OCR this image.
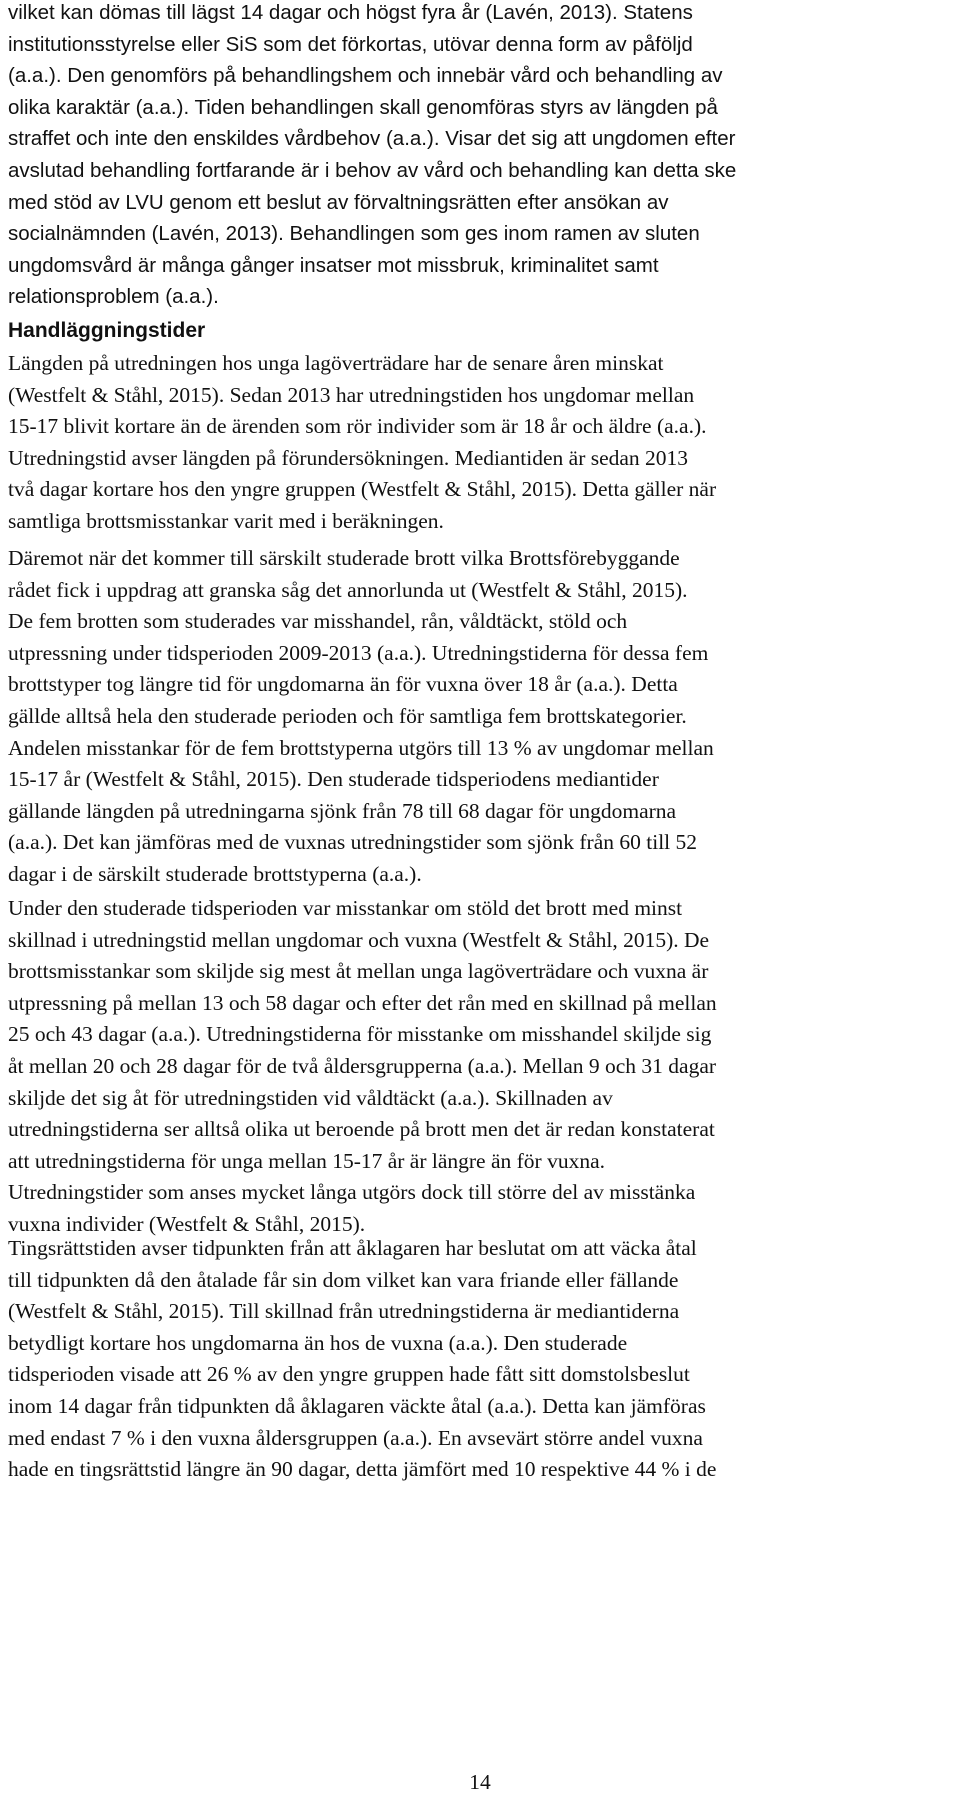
vilket kan dömas till lägst 14 dagar och högst fyra år (Lavén, 2013). Statens
institutionsstyrelse eller SiS som det förkortas, utövar denna form av påföljd
(a.a.). Den genomförs på behandlingshem och innebär vård och behandling av
olika karaktär (a.a.). Tiden behandlingen skall genomföras styrs av längden på
straffet och inte den enskildes vårdbehov (a.a.). Visar det sig att ungdomen efter
avslutad behandling fortfarande är i behov av vård och behandling kan detta ske
med stöd av LVU genom ett beslut av förvaltningsrätten efter ansökan av
socialnämnden (Lavén, 2013). Behandlingen som ges inom ramen av sluten
ungdomsvård är många gånger insatser mot missbruk, kriminalitet samt
relationsproblem (a.a.).
Handläggningstider
Längden på utredningen hos unga lagöverträdare har de senare åren minskat
(Westfelt & Ståhl, 2015). Sedan 2013 har utredningstiden hos ungdomar mellan
15-17 blivit kortare än de ärenden som rör individer som är 18 år och äldre (a.a.).
Utredningstid avser längden på förundersökningen. Mediantiden är sedan 2013
två dagar kortare hos den yngre gruppen (Westfelt & Ståhl, 2015). Detta gäller när
samtliga brottsmisstankar varit med i beräkningen.
Däremot när det kommer till särskilt studerade brott vilka Brottsförebyggande
rådet fick i uppdrag att granska såg det annorlunda ut (Westfelt & Ståhl, 2015).
De fem brotten som studerades var misshandel, rån, våldtäckt, stöld och
utpressning under tidsperioden 2009-2013 (a.a.). Utredningstiderna för dessa fem
brottstyper tog längre tid för ungdomarna än för vuxna över 18 år (a.a.). Detta
gällde alltså hela den studerade perioden och för samtliga fem brottskategorier.
Andelen misstankar för de fem brottstyperna utgörs till 13 % av ungdomar mellan
15-17 år (Westfelt & Ståhl, 2015). Den studerade tidsperiodens mediantider
gällande längden på utredningarna sjönk från 78 till 68 dagar för ungdomarna
(a.a.). Det kan jämföras med de vuxnas utredningstider som sjönk från 60 till 52
dagar i de särskilt studerade brottstyperna (a.a.).
Under den studerade tidsperioden var misstankar om stöld det brott med minst
skillnad i utredningstid mellan ungdomar och vuxna (Westfelt & Ståhl, 2015). De
brottsmisstankar som skiljde sig mest åt mellan unga lagöverträdare och vuxna är
utpressning på mellan 13 och 58 dagar och efter det rån med en skillnad på mellan
25 och 43 dagar (a.a.). Utredningstiderna för misstanke om misshandel skiljde sig
åt mellan 20 och 28 dagar för de två åldersgrupperna (a.a.). Mellan 9 och 31 dagar
skiljde det sig åt för utredningstiden vid våldtäckt (a.a.). Skillnaden av
utredningstiderna ser alltså olika ut beroende på brott men det är redan konstaterat
att utredningstiderna för unga mellan 15-17 år är längre än för vuxna.
Utredningstider som anses mycket långa utgörs dock till större del av misstänka
vuxna individer (Westfelt & Ståhl, 2015).
Tingsrättstiden avser tidpunkten från att åklagaren har beslutat om att väcka åtal
till tidpunkten då den åtalade får sin dom vilket kan vara friande eller fällande
(Westfelt & Ståhl, 2015). Till skillnad från utredningstiderna är mediantiderna
betydligt kortare hos ungdomarna än hos de vuxna (a.a.). Den studerade
tidsperioden visade att 26 % av den yngre gruppen hade fått sitt domstolsbeslut
inom 14 dagar från tidpunkten då åklagaren väckte åtal (a.a.). Detta kan jämföras
med endast 7 % i den vuxna åldersgruppen (a.a.). En avsevärt större andel vuxna
hade en tingsrättstid längre än 90 dagar, detta jämfört med 10 respektive 44 % i de
14
